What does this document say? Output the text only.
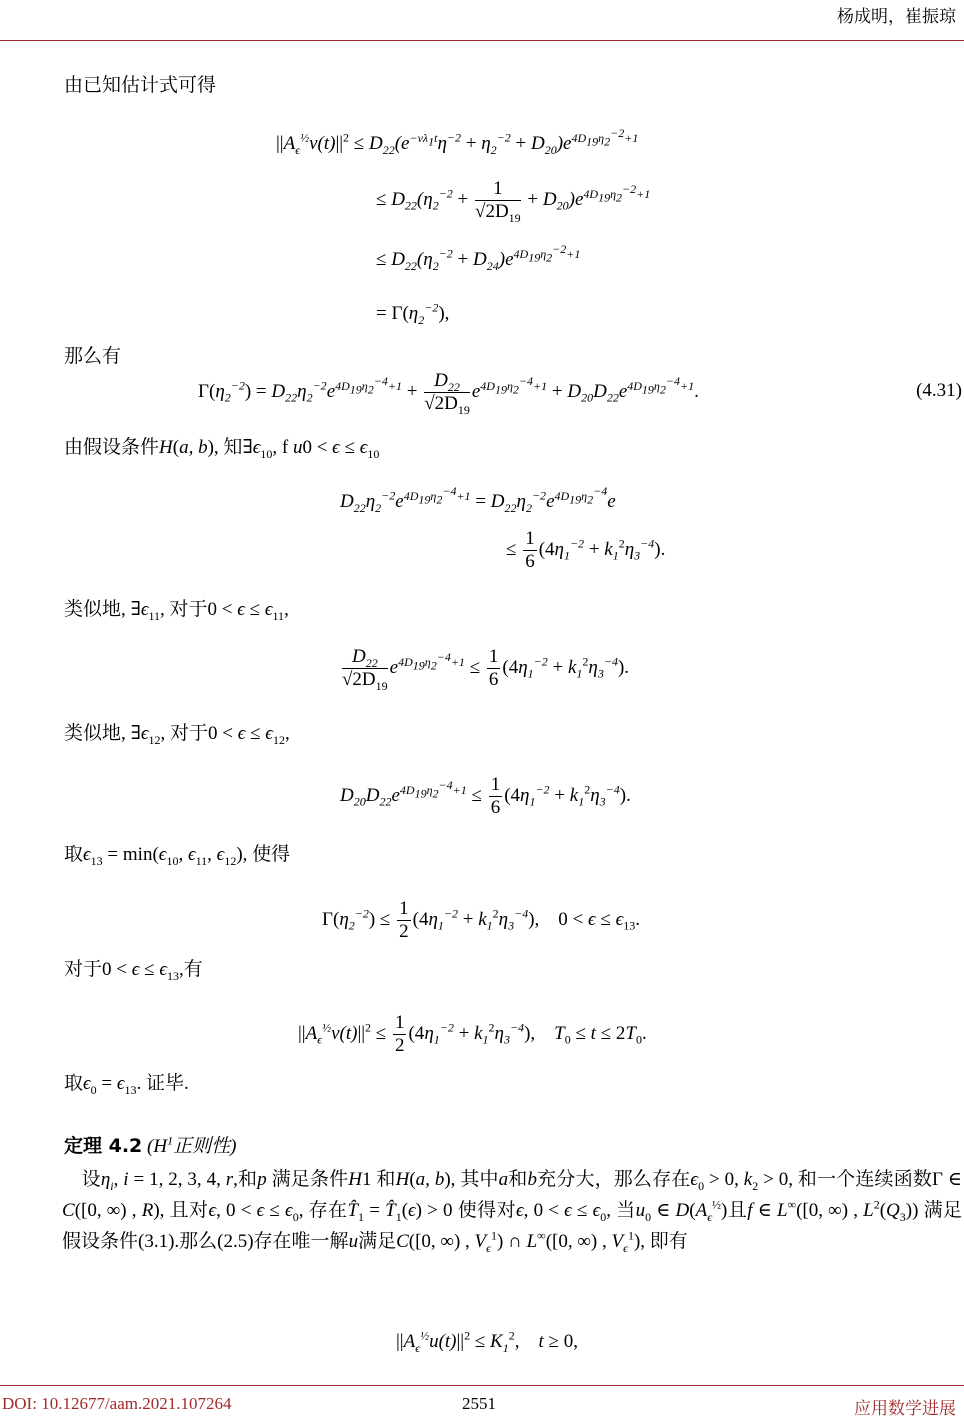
杨成明，崔振琼
由已知估计式可得
$||A_\epsilon^{\frac{1}{2}}v(t)||^2 \le D_{22}(e^{-\nu\lambda_1t}\eta^{-2} + \eta_2^{-2} + D_{20})e^{4D_{19}\eta_2^{-2}+1}$
≤ $D_{22}(\eta_2^{-2} + \frac{1}{√2D_{19}} + D_{20})e^{4D_{19}\eta_2^{-2}+1}$
≤ $D_{22}(\eta_2^{-2} + D_{24})e^{4D_{19}\eta_2^{-2}+1}$
= $\Gamma(\eta_2^{-2})$,
那么有
$\Gamma(\eta_2^{-2}) = D_{22}\eta_2^{-2}e^{4D_{19}\eta_2^{-4}+1} + \frac{D_{22}}{√2D_{19}} e^{4D_{19}\eta_2^{-4}+1} + D_{20}D_{22}e^{4D_{19}\eta_2^{-4}+1}$.	(4.31)
由假设条件H(a, b), 知$\exists\epsilon_{10}$, f $u0 < \epsilon \le \epsilon_{10}$
$D_{22}\eta_2^{-2}e^{4D_{19}\eta_2^{-4}+1} = D_{22}\eta_2^{-2}e^{4D_{19}\eta_2^{-4}}e$
≤ $\frac{1}{6} (4\eta_1^{-2} + k_1^2\eta_3^{-4})$.
类似地, $\exists\epsilon_{11}$, 对于$0 < \epsilon \le \epsilon_{11}$,
$\frac{D_{22}}{√2D_{19}} e^{4D_{19}\eta_2^{-4}+1} \le \frac{1}{6} (4\eta_1^{-2} + k_1^2\eta_3^{-4})$.
类似地, $\exists\epsilon_{12}$, 对于$0 < \epsilon \le \epsilon_{12}$,
$D_{20}D_{22}e^{4D_{19}\eta_2^{-4}+1} \le \frac{1}{6} (4\eta_1^{-2} + k_1^2\eta_3^{-4})$.
取$\epsilon_{13} = \min(\epsilon_{10}$, $\epsilon_{11}$, $\epsilon_{12}$), 使得
$\Gamma(\eta_2^{-2}) \le \frac{1}{2} (4\eta_1^{-2} + k_1^2\eta_3^{-4})$, $0 < \epsilon \le \epsilon_{13}$.
对于$0 < \epsilon \le \epsilon_{13}$,有
$||A_\epsilon^{\frac{1}{2}}v(t)||^2 \le \frac{1}{2} (4\eta_1^{-2} + k_1^2\eta_3^{-4})$,    $T_0 \le t \le 2T_0$.
取$\epsilon_0 = \epsilon_{13}$. 证毕.
定理 4.2 ($H^1$正则性)
设$\eta_i$, i = 1, 2, 3, 4, r,和p 满足条件H1 和H(a, b), 其中a和b充分大，那么存在$\epsilon_0 > 0$, $k_2 > 0$, 和一个连续函数Γ ∈ C([0, ∞) , R), 且对ϵ, $0 < \epsilon \le \epsilon_0$, 存在$T̂_1$ = $T̂_1(\epsilon) > 0$ 使得对ϵ, $0 < \epsilon \le \epsilon_0$, 当$u_0$ ∈ $D(A_\epsilon^{\frac{1}{2}})$且f ∈ L∞([0, ∞) , $L^2(Q_3)$) 满足假设条件(3.1).那么(2.5)存在唯一解u满足C([0, ∞) , $V_\epsilon^1$) ∩ L∞([0, ∞) , $V_\epsilon^1$), 即有
$||A_\epsilon^{\frac{1}{2}}u(t)||^2 \le K_1^2$,    t ≥ 0,
DOI: 10.12677/aam.2021.107264	2551	应用数学进展
